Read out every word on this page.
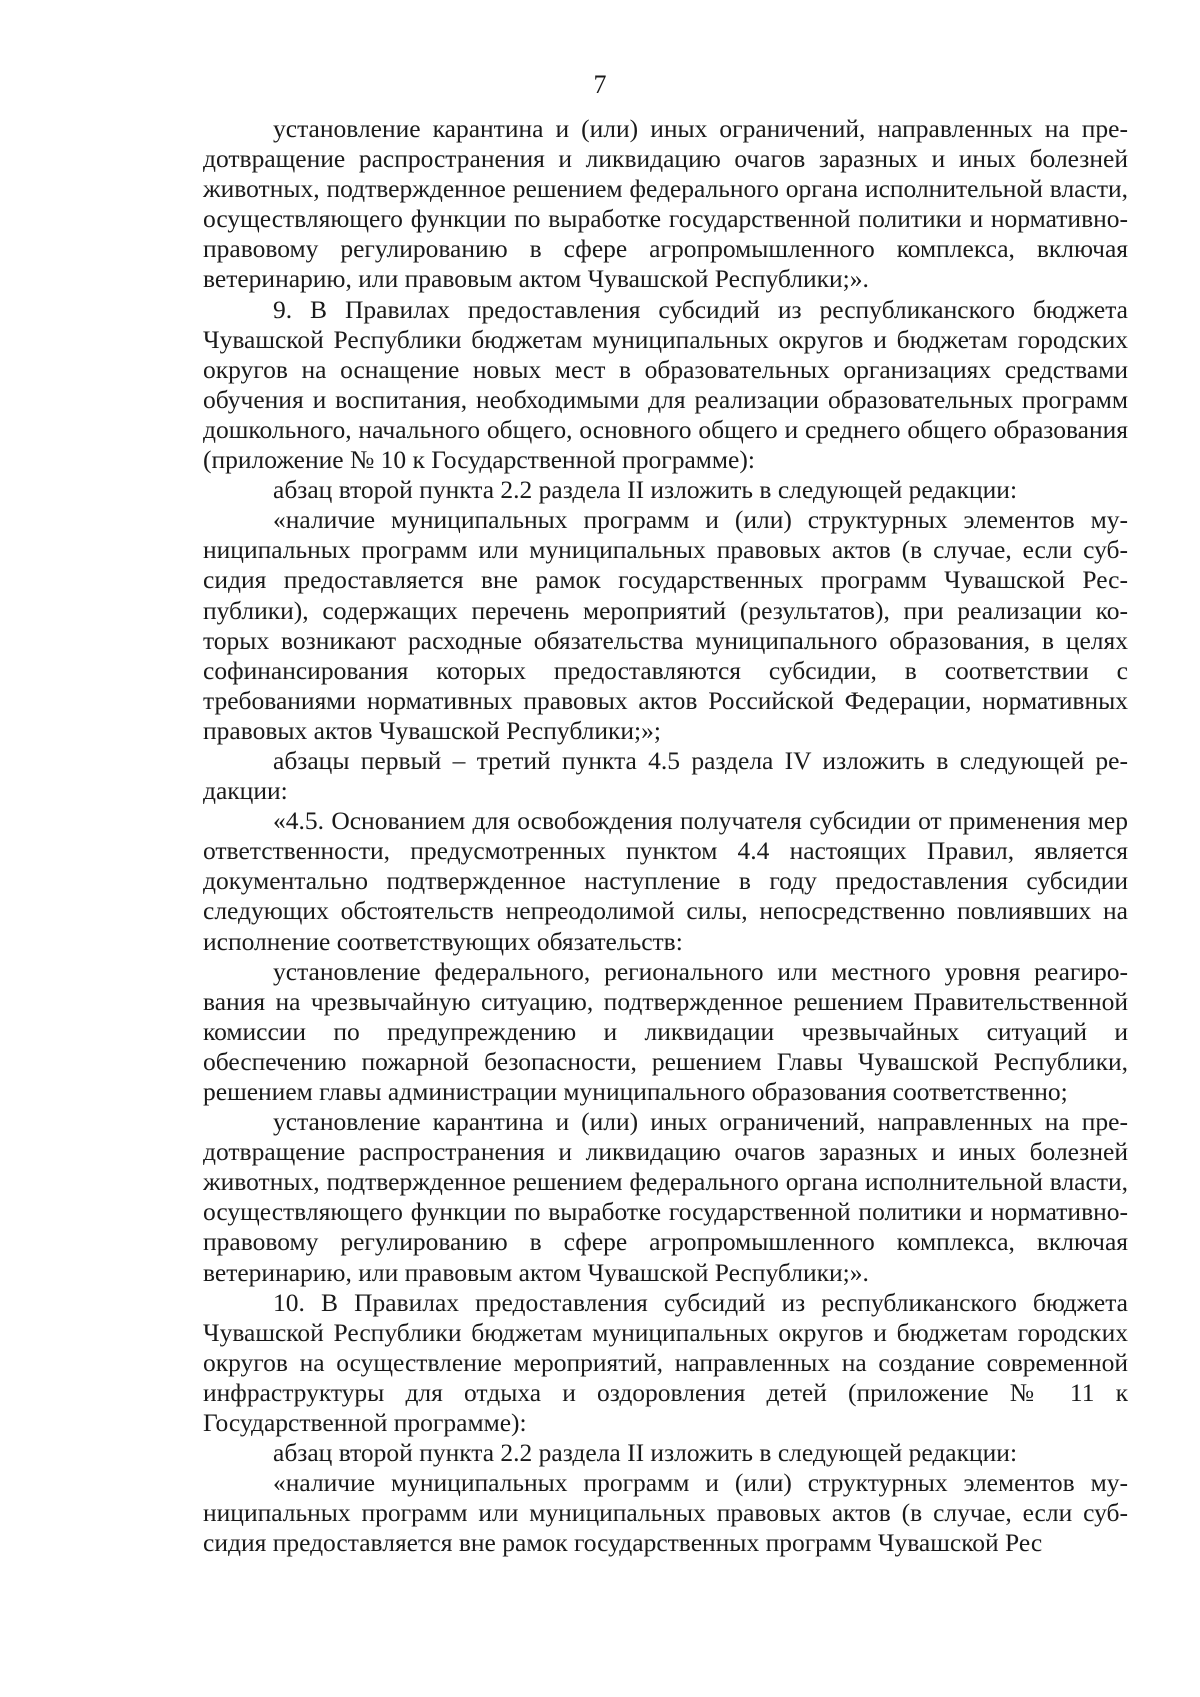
7

установление карантина и (или) иных ограничений, направленных на предотвращение распространения и ликвидацию очагов заразных и иных болезней животных, подтвержденное решением федерального органа исполнительной власти, осуществляющего функции по выработке государственной политики и нормативно-правовому регулированию в сфере агропромышленного комплекса, включая ветеринарию, или правовым актом Чувашской Республики;».

9. В Правилах предоставления субсидий из республиканского бюджета Чувашской Республики бюджетам муниципальных округов и бюджетам городских округов на оснащение новых мест в образовательных организациях средствами обучения и воспитания, необходимыми для реализации образовательных программ дошкольного, начального общего, основного общего и среднего общего образования (приложение № 10 к Государственной программе):

абзац второй пункта 2.2 раздела II изложить в следующей редакции:

«наличие муниципальных программ и (или) структурных элементов муниципальных программ или муниципальных правовых актов (в случае, если субсидия предоставляется вне рамок государственных программ Чувашской Республики), содержащих перечень мероприятий (результатов), при реализации которых возникают расходные обязательства муниципального образования, в целях софинансирования которых предоставляются субсидии, в соответствии с требованиями нормативных правовых актов Российской Федерации, нормативных правовых актов Чувашской Республики;»;

абзацы первый – третий пункта 4.5 раздела IV изложить в следующей редакции:

«4.5. Основанием для освобождения получателя субсидии от применения мер ответственности, предусмотренных пунктом 4.4 настоящих Правил, является документально подтвержденное наступление в году предоставления субсидии следующих обстоятельств непреодолимой силы, непосредственно повлиявших на исполнение соответствующих обязательств:

установление федерального, регионального или местного уровня реагирования на чрезвычайную ситуацию, подтвержденное решением Правительственной комиссии по предупреждению и ликвидации чрезвычайных ситуаций и обеспечению пожарной безопасности, решением Главы Чувашской Республики, решением главы администрации муниципального образования соответственно;

установление карантина и (или) иных ограничений, направленных на предотвращение распространения и ликвидацию очагов заразных и иных болезней животных, подтвержденное решением федерального органа исполнительной власти, осуществляющего функции по выработке государственной политики и нормативно-правовому регулированию в сфере агропромышленного комплекса, включая ветеринарию, или правовым актом Чувашской Республики;».

10. В Правилах предоставления субсидий из республиканского бюджета Чувашской Республики бюджетам муниципальных округов и бюджетам городских округов на осуществление мероприятий, направленных на создание современной инфраструктуры для отдыха и оздоровления детей (приложение № 11 к Государственной программе):

абзац второй пункта 2.2 раздела II изложить в следующей редакции:

«наличие муниципальных программ и (или) структурных элементов муниципальных программ или муниципальных правовых актов (в случае, если субсидия предоставляется вне рамок государственных программ Чувашской Рес
